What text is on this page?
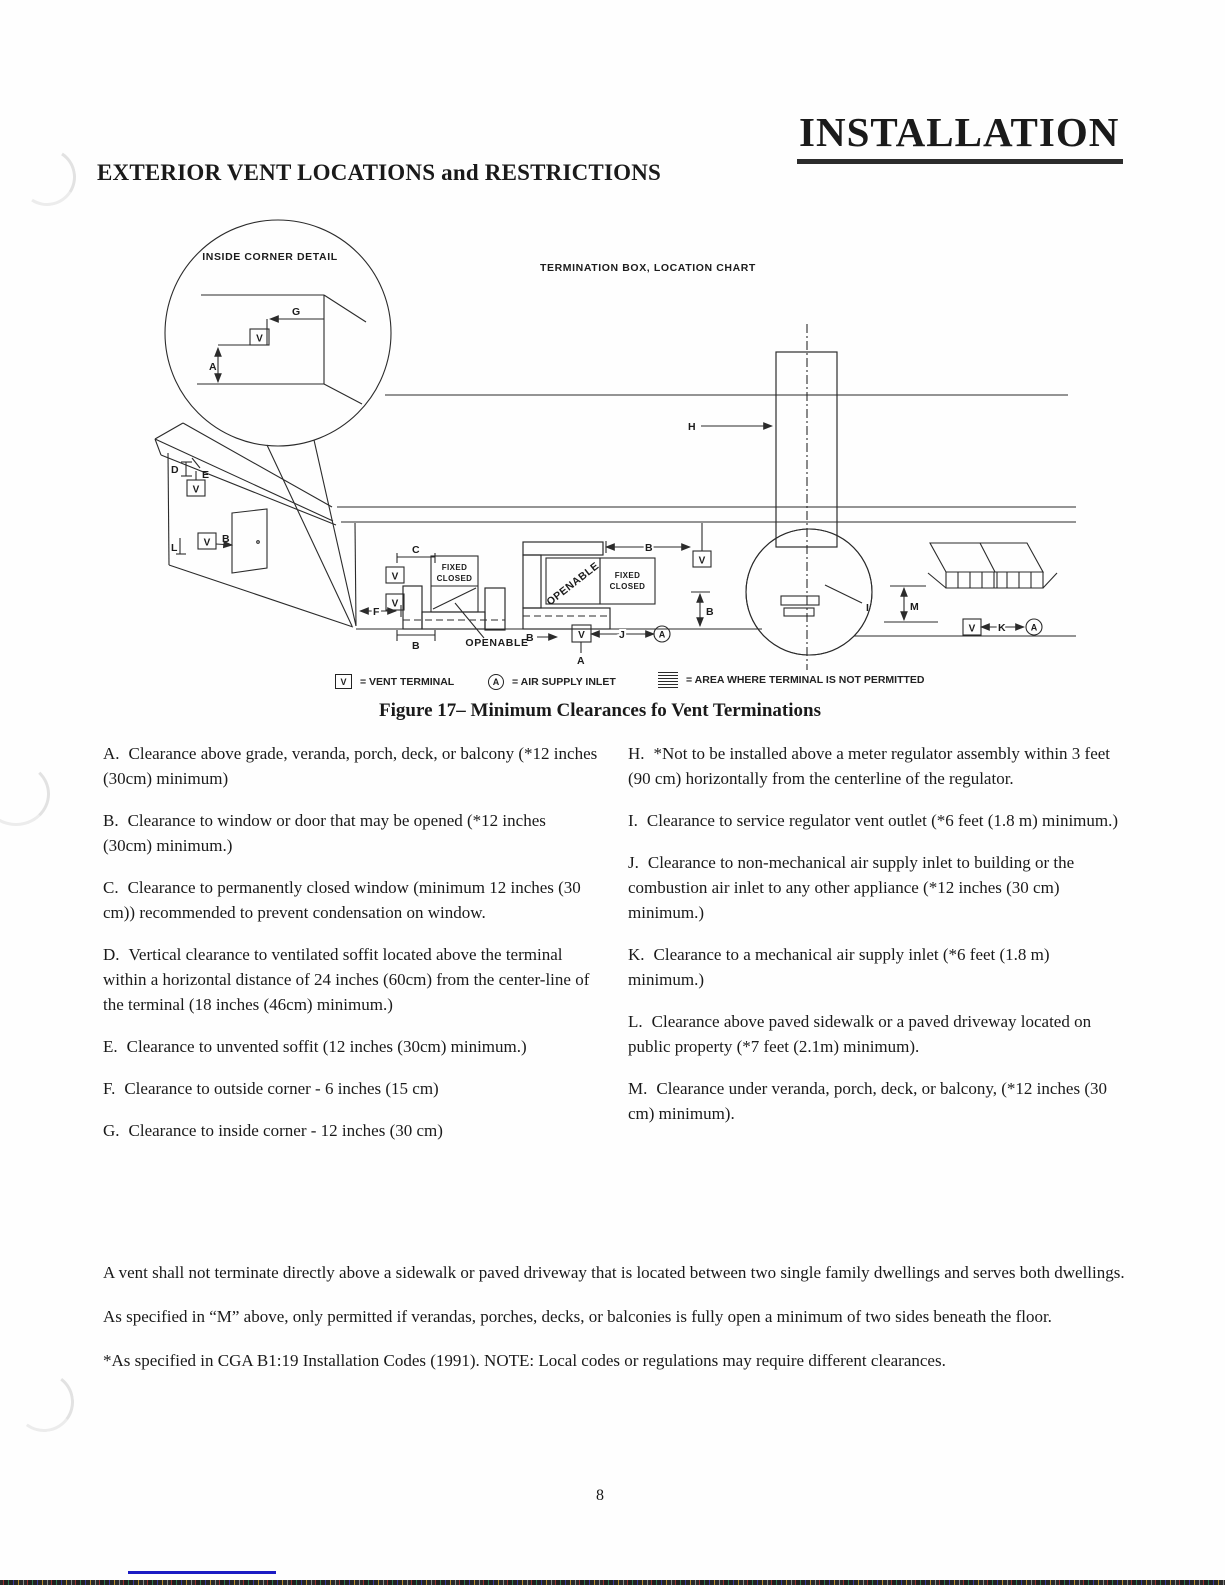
INSTALLATION
EXTERIOR VENT LOCATIONS and RESTRICTIONS
TERMINATION BOX, LOCATION CHART
INSIDE CORNER DETAIL
G
A
V
D E
V
L	V B
F
C
V
V
FIXED
CLOSED
OPENABLE
B
OPENABLE FIXED
CLOSED
B
V
B
B	V	J	A
A
H
I	M
V K	A
V	= VENT TERMINAL	A	= AIR SUPPLY INLET	= AREA WHERE TERMINAL IS NOT PERMITTED
Figure 17– Minimum Clearances fo Vent Terminations

A. Clearance above grade, veranda, porch, deck, or balcony (*12 inches (30cm) minimum)

B. Clearance to window or door that may be opened (*12 inches (30cm) minimum.)

C. Clearance to permanently closed window (minimum 12 inches (30 cm)) recommended to prevent condensation on window.

D. Vertical clearance to ventilated soffit located above the terminal within a horizontal distance of 24 inches (60cm) from the center-line of the terminal (18 inches (46cm) minimum.)

E. Clearance to unvented soffit (12 inches (30cm) minimum.)

F. Clearance to outside corner - 6 inches (15 cm)

G. Clearance to inside corner - 12 inches (30 cm)

H. *Not to be installed above a meter regulator assembly within 3 feet (90 cm) horizontally from the centerline of the regulator.

I. Clearance to service regulator vent outlet (*6 feet (1.8 m) minimum.)

J. Clearance to non-mechanical air supply inlet to building or the combustion air inlet to any other appliance (*12 inches (30 cm) minimum.)

K. Clearance to a mechanical air supply inlet (*6 feet (1.8 m) minimum.)

L. Clearance above paved sidewalk or a paved driveway located on public property (*7 feet (2.1m) minimum).

M. Clearance under veranda, porch, deck, or balcony, (*12 inches (30 cm) minimum).

A vent shall not terminate directly above a sidewalk or paved driveway that is located between two single family dwellings and serves both dwellings.

As specified in “M” above, only permitted if verandas, porches, decks, or balconies is fully open a minimum of two sides beneath the floor.

*As specified in CGA B1:19 Installation Codes (1991). NOTE: Local codes or regulations may require different clearances.

8
